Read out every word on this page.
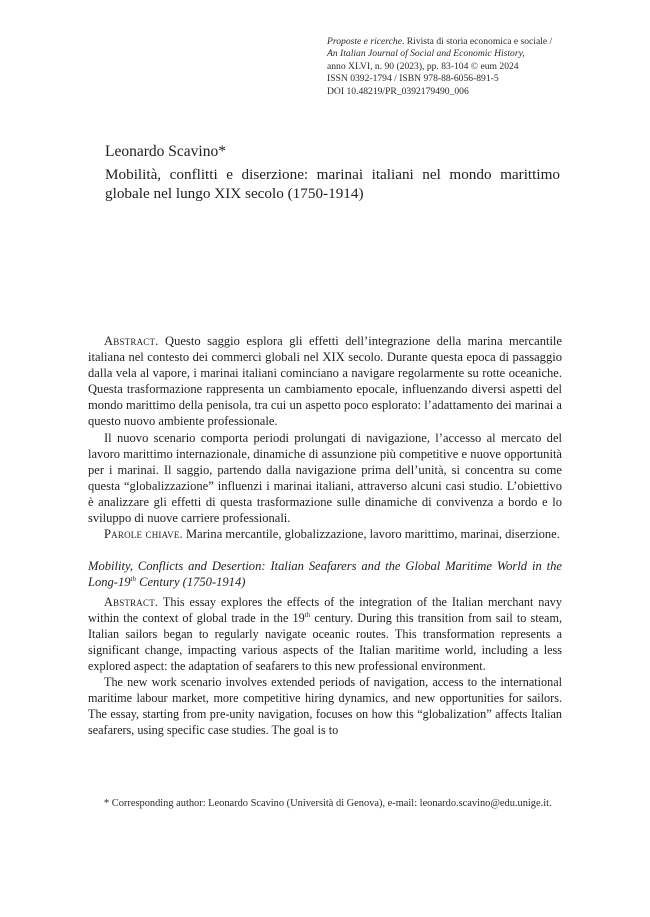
Proposte e ricerche. Rivista di storia economica e sociale /
An Italian Journal of Social and Economic History,
anno XLVI, n. 90 (2023), pp. 83-104 © eum 2024
ISSN 0392-1794 / ISBN 978-88-6056-891-5
DOI 10.48219/PR_0392179490_006
Leonardo Scavino*
Mobilità, conflitti e diserzione: marinai italiani nel mondo marittimo globale nel lungo XIX secolo (1750-1914)

Abstract. Questo saggio esplora gli effetti dell’integrazione della marina mercantile italiana nel contesto dei commerci globali nel XIX secolo. Durante questa epoca di passaggio dalla vela al vapore, i marinai italiani cominciano a navigare regolarmente su rotte oceaniche. Questa trasformazione rappresenta un cambiamento epocale, influenzando diversi aspetti del mondo marittimo della penisola, tra cui un aspetto poco esplorato: l’adattamento dei marinai a questo nuovo ambiente professionale.

Il nuovo scenario comporta periodi prolungati di navigazione, l’accesso al mercato del lavoro marittimo internazionale, dinamiche di assunzione più competitive e nuove opportunità per i marinai. Il saggio, partendo dalla navigazione prima dell’unità, si concentra su come questa “globalizzazione” influenzi i marinai italiani, attraverso alcuni casi studio. L’obiettivo è analizzare gli effetti di questa trasformazione sulle dinamiche di convivenza a bordo e lo sviluppo di nuove carriere professionali.

Parole chiave. Marina mercantile, globalizzazione, lavoro marittimo, marinai, diserzione.

Mobility, Conflicts and Desertion: Italian Seafarers and the Global Maritime World in the Long-19th Century (1750-1914)

Abstract. This essay explores the effects of the integration of the Italian merchant navy within the context of global trade in the 19th century. During this transition from sail to steam, Italian sailors began to regularly navigate oceanic routes. This transformation represents a significant change, impacting various aspects of the Italian maritime world, including a less explored aspect: the adaptation of seafarers to this new professional environment.

The new work scenario involves extended periods of navigation, access to the international maritime labour market, more competitive hiring dynamics, and new opportunities for sailors. The essay, starting from pre-unity navigation, focuses on how this “globalization” affects Italian seafarers, using specific case studies. The goal is to

* Corresponding author: Leonardo Scavino (Università di Genova), e-mail: leonardo.scavino@edu.unige.it.
